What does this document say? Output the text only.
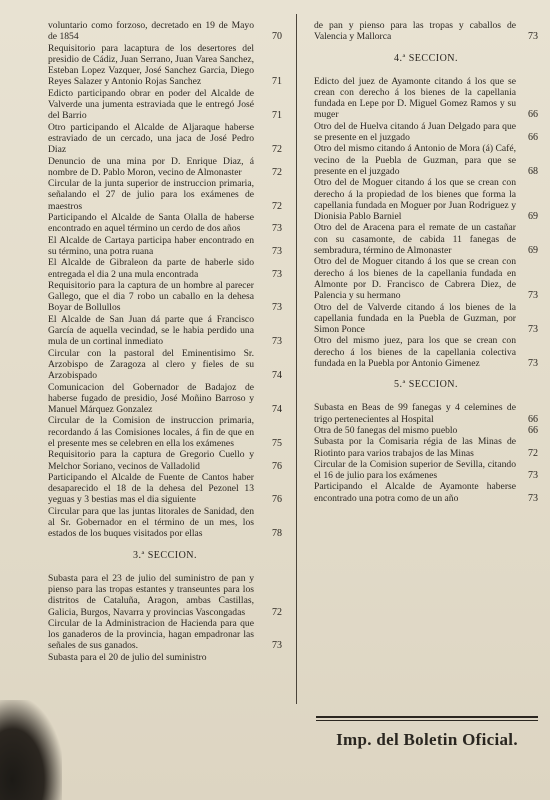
voluntario como forzoso, decretado en 19 de Mayo de 1854	70

Requisitorio para lacaptura de los desertores del presidio de Cádiz, Juan Serrano, Juan Varea Sanchez, Esteban Lopez Vazquer, José Sanchez Garcia, Diego Reyes Salazer y Antonio Rojas Sanchez	71

Edicto participando obrar en poder del Alcalde de Valverde una jumenta estraviada que le entregó José del Barrio	71

Otro participando el Alcalde de Aljaraque haberse estraviado de un cercado, una jaca de José Pedro Diaz	72

Denuncio de una mina por D. Enrique Diaz, á nombre de D. Pablo Moron, vecino de Almonaster	72

Circular de la junta superior de instruccion primaria, señalando el 27 de julio para los exámenes de maestros	72

Participando el Alcalde de Santa Olalla de haberse encontrado en aquel término un cerdo de dos años	73

El Alcalde de Cartaya participa haber encontrado en su término, una potra ruana	73

El Alcalde de Gibraleon da parte de haberle sido entregada el dia 2 una mula encontrada	73

Requisitorio para la captura de un hombre al parecer Gallego, que el dia 7 robo un caballo en la dehesa Boyar de Bollullos	73

El Alcalde de San Juan dá parte que á Francisco García de aquella vecindad, se le habia perdido una mula de un cortinal inmediato	73

Circular con la pastoral del Eminentisimo Sr. Arzobispo de Zaragoza al clero y fieles de su Arzobispado	74

Comunicacion del Gobernador de Badajoz de haberse fugado de presidio, José Moñino Barroso y Manuel Márquez Gonzalez	74

Circular de la Comision de instruccion primaria, recordando á las Comisiones locales, á fin de que en el presente mes se celebren en ella los exámenes	75

Requisitorio para la captura de Gregorio Cuello y Melchor Soriano, vecinos de Valladolid	76

Participando el Alcalde de Fuente de Cantos haber desaparecido el 18 de la dehesa del Pezonel 13 yeguas y 3 bestias mas el dia siguiente	76

Circular para que las juntas litorales de Sanidad, den al Sr. Gobernador en el término de un mes, los estados de los buques visitados por ellas	78

3.ª SECCION.

Subasta para el 23 de julio del suministro de pan y pienso para las tropas estantes y transeuntes para los distritos de Cataluña, Aragon, ambas Castillas, Galicia, Burgos, Navarra y provincias Vascongadas	72

Circular de la Administracion de Hacienda para que los ganaderos de la provincia, hagan empadronar las señales de sus ganados.	73

Subasta para el 20 de julio del suministro

de pan y pienso para las tropas y caballos de Valencia y Mallorca	73

4.ª SECCION.

Edicto del juez de Ayamonte citando á los que se crean con derecho á los bienes de la capellania fundada en Lepe por D. Miguel Gomez Ramos y su muger	66

Otro del de Huelva citando á Juan Delgado para que se presente en el juzgado	66

Otro del mismo citando á Antonio de Mora (á) Café, vecino de la Puebla de Guzman, para que se presente en el juzgado	68

Otro del de Moguer citando á los que se crean con derecho á la propiedad de los bienes que forma la capellania fundada en Moguer por Juan Rodriguez y Dionisia Pablo Barniel	69

Otro del de Aracena para el remate de un castañar con su casamonte, de cabida 11 fanegas de sembradura, término de Almonaster	69

Otro del de Moguer citando á los que se crean con derecho á los bienes de la capellania fundada en Almonte por D. Francisco de Cabrera Diez, de Palencia y su hermano	73

Otro del de Valverde citando á los bienes de la capellania fundada en la Puebla de Guzman, por Simon Ponce	73

Otro del mismo juez, para los que se crean con derecho á los bienes de la capellania colectiva fundada en la Puebla por Antonio Gimenez	73

5.ª SECCION.

Subasta en Beas de 99 fanegas y 4 celemines de trigo pertenecientes al Hospital	66

Otra de 50 fanegas del mismo pueblo	66

Subasta por la Comisaria régia de las Minas de Riotinto para varios trabajos de las Minas	72

Circular de la Comision superior de Sevilla, citando el 16 de julio para los exámenes	73

Participando el Alcalde de Ayamonte haberse encontrado una potra como de un año	73

Imp. del Boletin Oficial.
